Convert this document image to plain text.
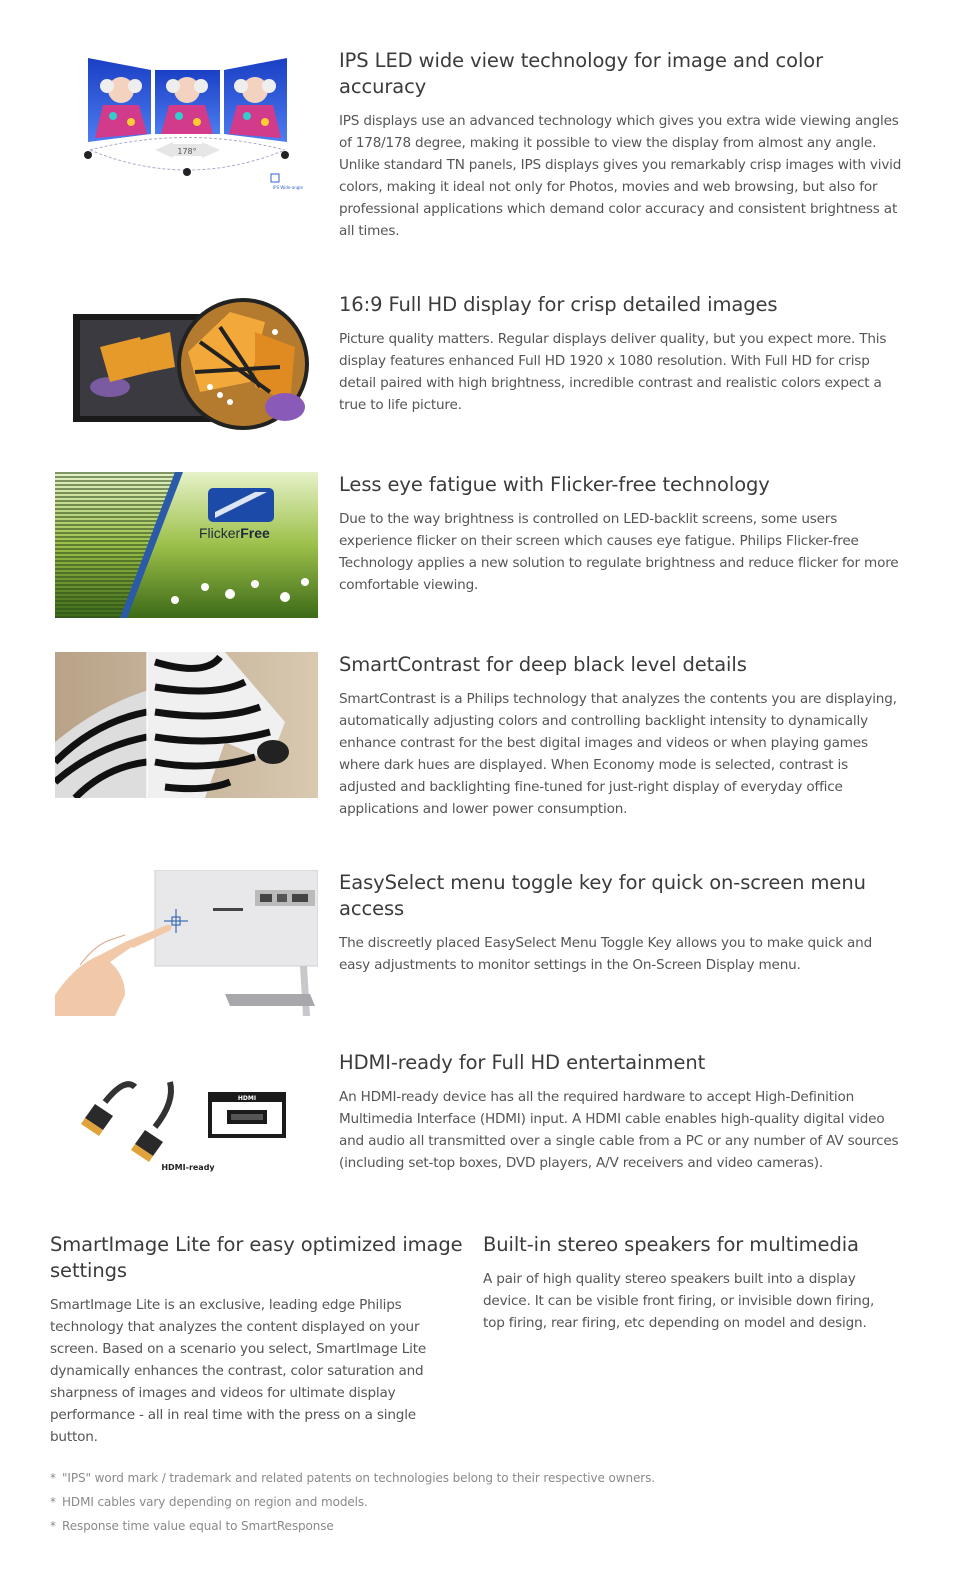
178°
IPS Wide-angle
IPS LED wide view technology for image and color accuracy

IPS displays use an advanced technology which gives you extra wide viewing angles of 178/178 degree, making it possible to view the display from almost any angle. Unlike standard TN panels, IPS displays gives you remarkably crisp images with vivid colors, making it ideal not only for Photos, movies and web browsing, but also for professional applications which demand color accuracy and consistent brightness at all times.

16:9 Full HD display for crisp detailed images

Picture quality matters. Regular displays deliver quality, but you expect more. This display features enhanced Full HD 1920 x 1080 resolution. With Full HD for crisp detail paired with high brightness, incredible contrast and realistic colors expect a true to life picture.

FlickerFree
Less eye fatigue with Flicker-free technology

Due to the way brightness is controlled on LED-backlit screens, some users experience flicker on their screen which causes eye fatigue. Philips Flicker-free Technology applies a new solution to regulate brightness and reduce flicker for more comfortable viewing.

SmartContrast for deep black level details

SmartContrast is a Philips technology that analyzes the contents you are displaying, automatically adjusting colors and controlling backlight intensity to dynamically enhance contrast for the best digital images and videos or when playing games where dark hues are displayed. When Economy mode is selected, contrast is adjusted and backlighting fine-tuned for just-right display of everyday office applications and lower power consumption.

EasySelect menu toggle key for quick on-screen menu access

The discreetly placed EasySelect Menu Toggle Key allows you to make quick and easy adjustments to monitor settings in the On-Screen Display menu.

HDMI
HDMI-ready
HDMI-ready for Full HD entertainment

An HDMI-ready device has all the required hardware to accept High-Definition Multimedia Interface (HDMI) input. A HDMI cable enables high-quality digital video and audio all transmitted over a single cable from a PC or any number of AV sources (including set-top boxes, DVD players, A/V receivers and video cameras).

SmartImage Lite for easy optimized image settings

SmartImage Lite is an exclusive, leading edge Philips technology that analyzes the content displayed on your screen. Based on a scenario you select, SmartImage Lite dynamically enhances the contrast, color saturation and sharpness of images and videos for ultimate display performance - all in real time with the press on a single button.

Built-in stereo speakers for multimedia

A pair of high quality stereo speakers built into a display device. It can be visible front firing, or invisible down firing, top firing, rear firing, etc depending on model and design.

* "IPS" word mark / trademark and related patents on technologies belong to their respective owners.
* HDMI cables vary depending on region and models.
* Response time value equal to SmartResponse
